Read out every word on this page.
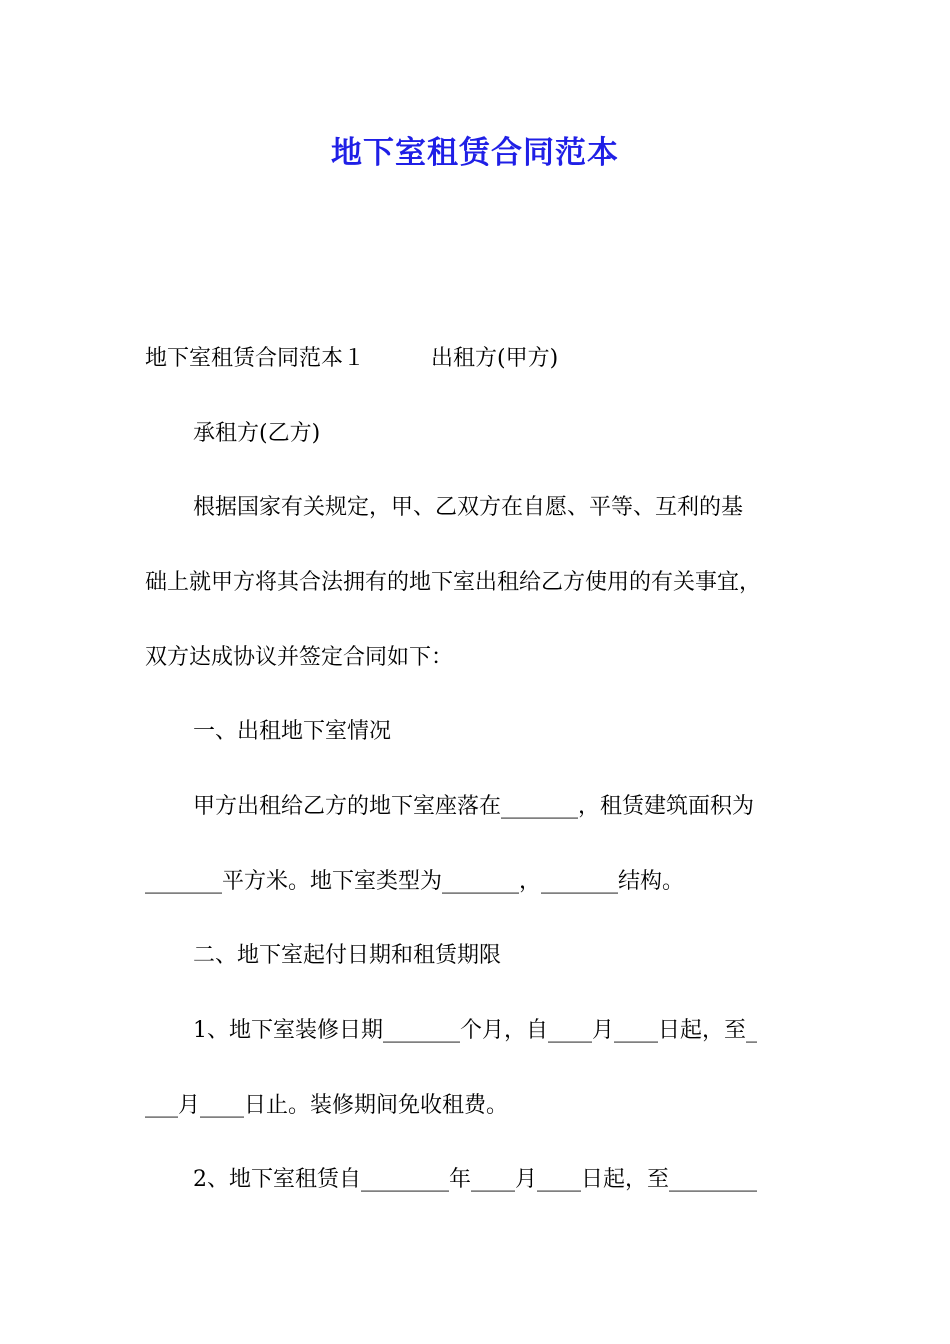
地下室租赁合同范本
地下室租赁合同范本１　　　出租方(甲方)
承租方(乙方)
根据国家有关规定，甲、乙双方在自愿、平等、互利的基
础上就甲方将其合法拥有的地下室出租给乙方使用的有关事宜，
双方达成协议并签定合同如下：
一、出租地下室情况
甲方出租给乙方的地下室座落在_______，租赁建筑面积为
_______平方米。地下室类型为_______，_______结构。
二、地下室起付日期和租赁期限
1、地下室装修日期_______个月，自____月____日起，至_
___月____日止。装修期间免收租费。
2、地下室租赁自________年____月____日起，至________
